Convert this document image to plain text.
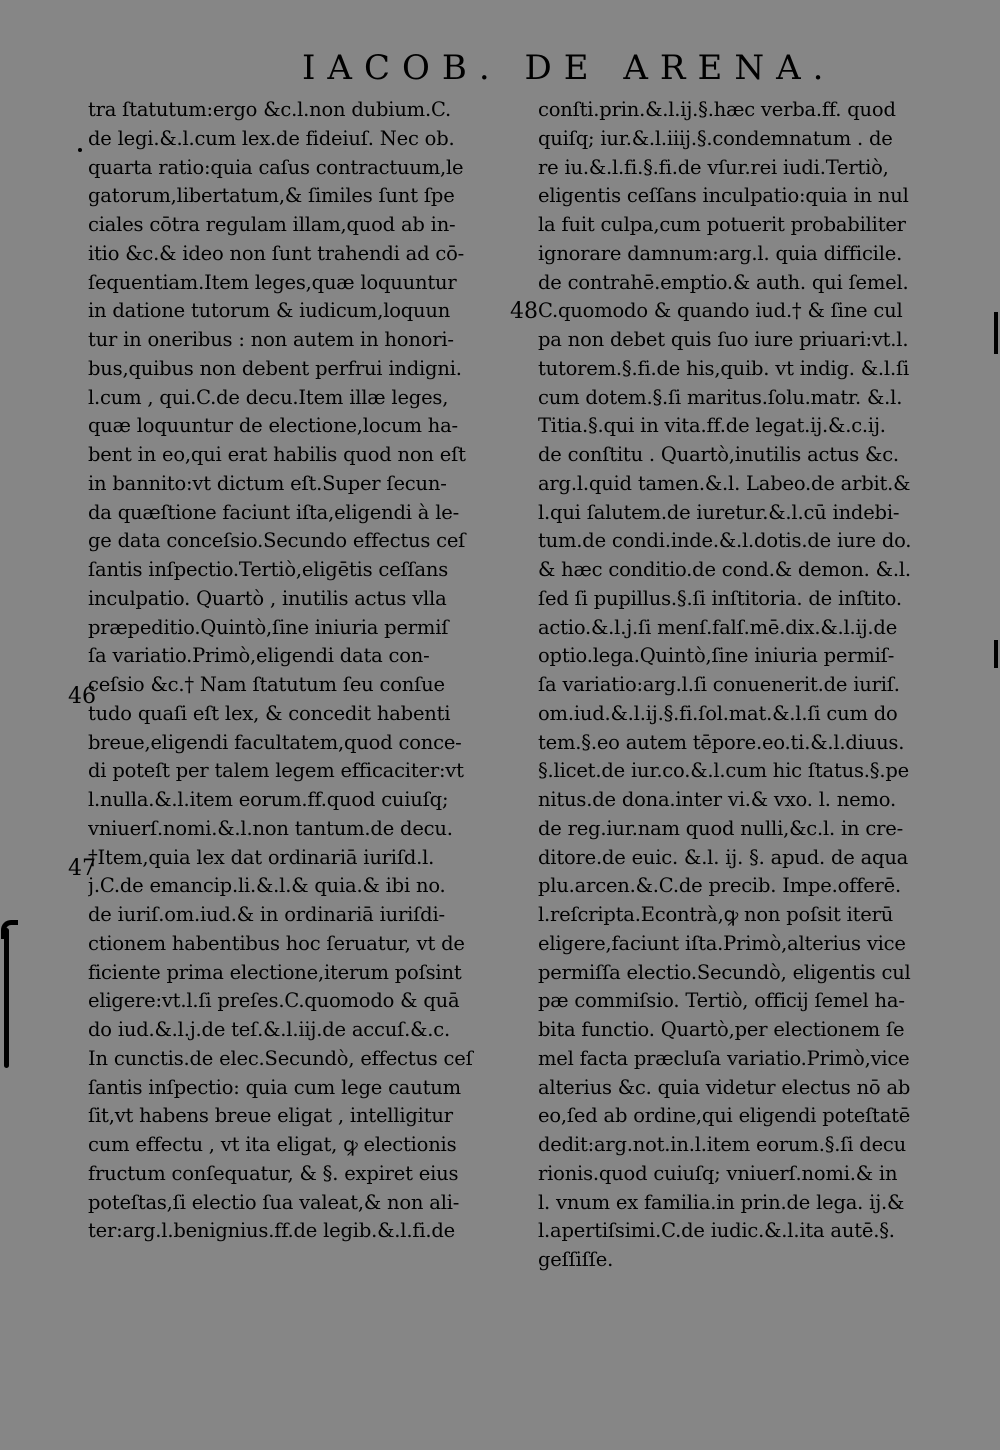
IACOB. DE ARENA.
tra ſtatutum:ergo &c.l.non dubium.C.
de legi.&.l.cum lex.de fideiuſ. Nec ob.
quarta ratio:quia caſus contractuum,le
gatorum,libertatum,& ſimiles ſunt ſpe
ciales cōtra regulam illam,quod ab in-
itio &c.& ideo non ſunt trahendi ad cō-
ſequentiam.Item leges,quæ loquuntur
in datione tutorum & iudicum,loquun
tur in oneribus : non autem in honori-
bus,quibus non debent perfrui indigni.
l.cum , qui.C.de decu.Item illæ leges,
quæ loquuntur de electione,locum ha-
bent in eo,qui erat habilis quod non eſt
in bannito:vt dictum eſt.Super ſecun-
da quæſtione faciunt iſta,eligendi à le-
ge data conceſsio.Secundo effectus ceſ
ſantis inſpectio.Tertiò,eligētis ceſſans
inculpatio. Quartò , inutilis actus vlla
præpeditio.Quintò,ſine iniuria permiſ
ſa variatio.Primò,eligendi data con-
ceſsio &c.† Nam ſtatutum ſeu conſue
tudo quaſi eſt lex, & concedit habenti
breue,eligendi facultatem,quod conce-
di poteſt per talem legem efficaciter:vt
l.nulla.&.l.item eorum.ff.quod cuiuſq;
vniuerſ.nomi.&.l.non tantum.de decu.
†Item,quia lex dat ordinariā iuriſd.l.
j.C.de emancip.li.&.l.& quia.& ibi no.
de iuriſ.om.iud.& in ordinariā iuriſdi-
ctionem habentibus hoc ſeruatur, vt de
ficiente prima electione,iterum poſsint
eligere:vt.l.ſi preſes.C.quomodo & quā
do iud.&.l.j.de teſ.&.l.iij.de accuſ.&.c.
In cunctis.de elec.Secundò, effectus ceſ
ſantis inſpectio: quia cum lege cautum
ſit,vt habens breue eligat , intelligitur
cum effectu , vt ita eligat, ꝙ electionis
fructum conſequatur, & §. expiret eius
poteſtas,ſi electio ſua valeat,& non ali-
ter:arg.l.benignius.ff.de legib.&.l.fi.de
conſti.prin.&.l.ij.§.hæc verba.ff. quod
quiſq; iur.&.l.iiij.§.condemnatum . de
re iu.&.l.fi.§.fi.de vſur.rei iudi.Tertiò,
eligentis ceſſans inculpatio:quia in nul
la fuit culpa,cum potuerit probabiliter
ignorare damnum:arg.l. quia difficile.
de contrahē.emptio.& auth. qui ſemel.
C.quomodo & quando iud.† & ſine cul
pa non debet quis ſuo iure priuari:vt.l.
tutorem.§.fi.de his,quib. vt indig. &.l.ſi
cum dotem.§.ſi maritus.ſolu.matr. &.l.
Titia.§.qui in vita.ff.de legat.ij.&.c.ij.
de conſtitu . Quartò,inutilis actus &c.
arg.l.quid tamen.&.l. Labeo.de arbit.&
l.qui ſalutem.de iuretur.&.l.cū indebi-
tum.de condi.inde.&.l.dotis.de iure do.
& hæc conditio.de cond.& demon. &.l.
ſed ſi pupillus.§.ſi inſtitoria. de inſtito.
actio.&.l.j.ſi menſ.falſ.mē.dix.&.l.ij.de
optio.lega.Quintò,ſine iniuria permiſ-
ſa variatio:arg.l.ſi conuenerit.de iuriſ.
om.iud.&.l.ij.§.fi.ſol.mat.&.l.ſi cum do
tem.§.eo autem tēpore.eo.ti.&.l.diuus.
§.licet.de iur.co.&.l.cum hic ſtatus.§.pe
nitus.de dona.inter vi.& vxo. l. nemo.
de reg.iur.nam quod nulli,&c.l. in cre-
ditore.de euic. &.l. ij. §. apud. de aqua
plu.arcen.&.C.de precib. Impe.offerē.
l.reſcripta.Econtrà,ꝙ non poſsit iterū
eligere,faciunt iſta.Primò,alterius vice
permiſſa electio.Secundò, eligentis cul
pæ commiſsio. Tertiò, officij ſemel ha-
bita functio. Quartò,per electionem ſe
mel facta præcluſa variatio.Primò,vice
alterius &c. quia videtur electus nō ab
eo,ſed ab ordine,qui eligendi poteſtatē
dedit:arg.not.in.l.item eorum.§.ſi decu
rionis.quod cuiuſq; vniuerſ.nomi.& in
l. vnum ex familia.in prin.de lega. ij.&
l.apertiſsimi.C.de iudic.&.l.ita autē.§.
geſſiſſe.
46
47
48
